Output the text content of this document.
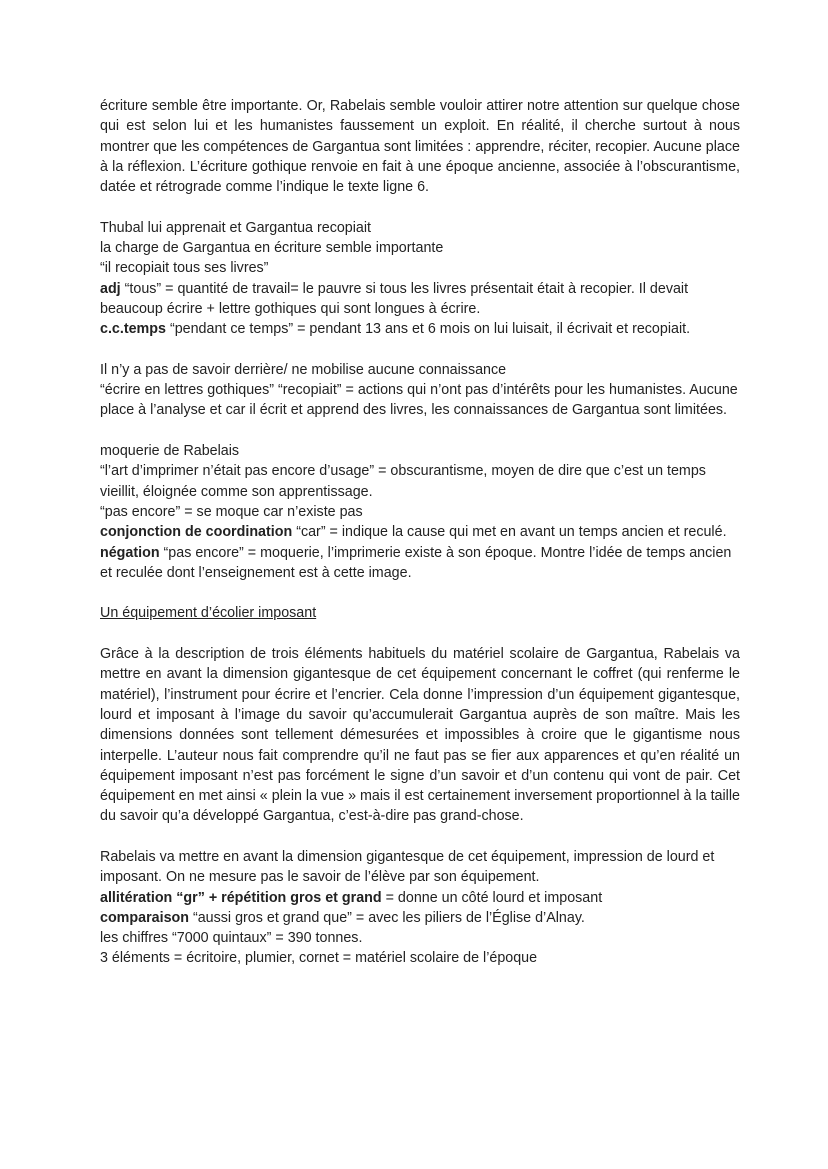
écriture semble être importante. Or, Rabelais semble vouloir attirer notre attention sur quelque chose qui est selon lui et les humanistes faussement un exploit. En réalité, il cherche surtout à nous montrer que les compétences de Gargantua sont limitées : apprendre, réciter, recopier. Aucune place à la réflexion. L’écriture gothique renvoie en fait à une époque ancienne, associée à l’obscurantisme, datée et rétrograde comme l’indique le texte ligne 6.

Thubal lui apprenait et Gargantua recopiait
la charge de Gargantua en écriture semble importante
“il recopiait tous ses livres”

adj “tous” = quantité de travail= le pauvre si tous les livres présentait était à recopier. Il devait beaucoup écrire + lettre gothiques qui sont longues à écrire.

c.c.temps “pendant ce temps” = pendant 13 ans et 6 mois on lui luisait, il écrivait et recopiait.

Il n’y a pas de savoir derrière/ ne mobilise aucune connaissance

“écrire en lettres gothiques” “recopiait” = actions qui n’ont pas d’intérêts pour les humanistes. Aucune place à l’analyse et car il écrit et apprend des livres, les connaissances de Gargantua sont limitées.

moquerie de Rabelais

“l’art d’imprimer n’était pas encore d’usage” = obscurantisme, moyen de dire que c’est un temps vieillit, éloignée comme son apprentissage.

“pas encore” = se moque car n’existe pas

conjonction de coordination “car” = indique la cause qui met en avant un temps ancien et reculé.

négation “pas encore” = moquerie, l’imprimerie existe à son époque. Montre l’idée de temps ancien et reculée dont l’enseignement est à cette image.

Un équipement d’écolier imposant

Grâce à la description de trois éléments habituels du matériel scolaire de Gargantua, Rabelais va mettre en avant la dimension gigantesque de cet équipement concernant le coffret (qui renferme le matériel), l’instrument pour écrire et l’encrier. Cela donne l’impression d’un équipement gigantesque, lourd et imposant à l’image du savoir qu’accumulerait Gargantua auprès de son maître. Mais les dimensions données sont tellement démesurées et impossibles à croire que le gigantisme nous interpelle. L’auteur nous fait comprendre qu’il ne faut pas se fier aux apparences et qu’en réalité un équipement imposant n’est pas forcément le signe d’un savoir et d’un contenu qui vont de pair. Cet équipement en met ainsi « plein la vue » mais il est certainement inversement proportionnel à la taille du savoir qu’a développé Gargantua, c’est-à-dire pas grand-chose.

Rabelais va mettre en avant la dimension gigantesque de cet équipement, impression de lourd et imposant. On ne mesure pas le savoir de l’élève par son équipement.

allitération “gr” + répétition gros et grand = donne un côté lourd et imposant

comparaison “aussi gros et grand que” = avec les piliers de l’Église d’Alnay.

les chiffres “7000 quintaux” = 390 tonnes.
3 éléments = écritoire, plumier, cornet = matériel scolaire de l’époque
